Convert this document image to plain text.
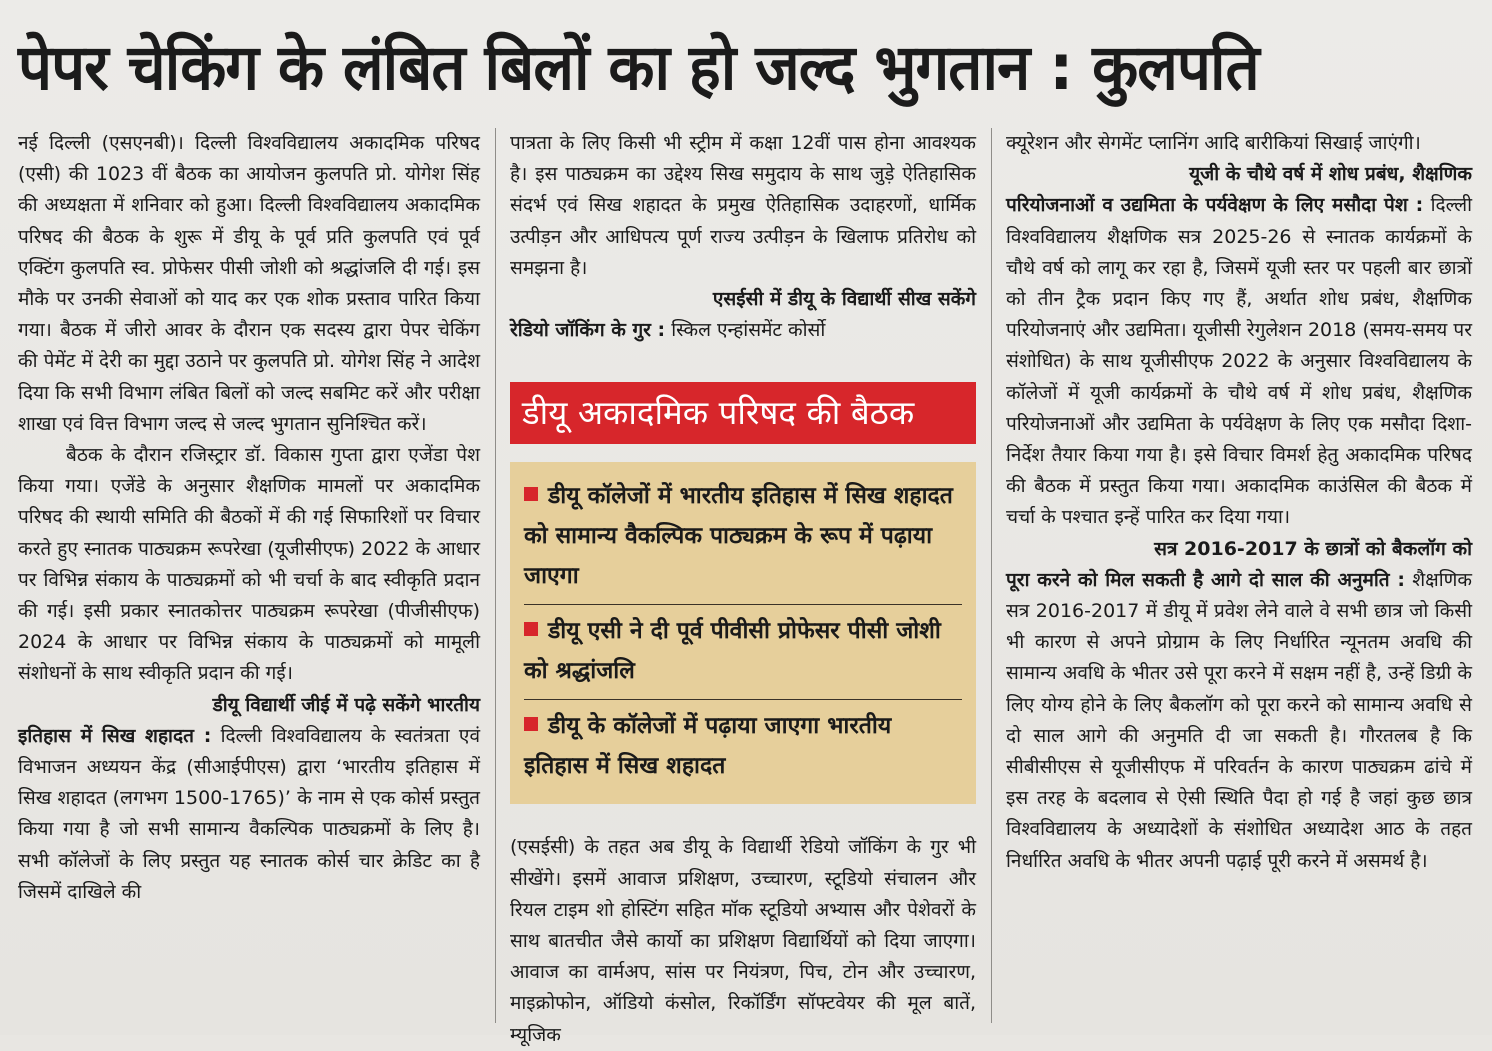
पेपर चेकिंग के लंबित बिलों का हो जल्द भुगतान : कुलपति

नई दिल्ली (एसएनबी)। दिल्ली विश्वविद्यालय अकादमिक परिषद (एसी) की 1023 वीं बैठक का आयोजन कुलपति प्रो. योगेश सिंह की अध्यक्षता में शनिवार को हुआ। दिल्ली विश्वविद्यालय अकादमिक परिषद की बैठक के शुरू में डीयू के पूर्व प्रति कुलपति एवं पूर्व एक्टिंग कुलपति स्व. प्रोफेसर पीसी जोशी को श्रद्धांजलि दी गई। इस मौके पर उनकी सेवाओं को याद कर एक शोक प्रस्ताव पारित किया गया। बैठक में जीरो आवर के दौरान एक सदस्य द्वारा पेपर चेकिंग की पेमेंट में देरी का मुद्दा उठाने पर कुलपति प्रो. योगेश सिंह ने आदेश दिया कि सभी विभाग लंबित बिलों को जल्द सबमिट करें और परीक्षा शाखा एवं वित्त विभाग जल्द से जल्द भुगतान सुनिश्चित करें।

बैठक के दौरान रजिस्ट्रार डॉ. विकास गुप्ता द्वारा एजेंडा पेश किया गया। एजेंडे के अनुसार शैक्षणिक मामलों पर अकादमिक परिषद की स्थायी समिति की बैठकों में की गई सिफारिशों पर विचार करते हुए स्नातक पाठ्यक्रम रूपरेखा (यूजीसीएफ) 2022 के आधार पर विभिन्न संकाय के पाठ्यक्रमों को भी चर्चा के बाद स्वीकृति प्रदान की गई। इसी प्रकार स्नातकोत्तर पाठ्यक्रम रूपरेखा (पीजीसीएफ) 2024 के आधार पर विभिन्न संकाय के पाठ्यक्रमों को मामूली संशोधनों के साथ स्वीकृति प्रदान की गई।

डीयू विद्यार्थी जीई में पढ़े सकेंगे भारतीय
इतिहास में सिख शहादत : दिल्ली विश्वविद्यालय के स्वतंत्रता एवं विभाजन अध्ययन केंद्र (सीआईपीएस) द्वारा ‘भारतीय इतिहास में सिख शहादत (लगभग 1500-1765)’ के नाम से एक कोर्स प्रस्तुत किया गया है जो सभी सामान्य वैकल्पिक पाठ्यक्रमों के लिए है। सभी कॉलेजों के लिए प्रस्तुत यह स्नातक कोर्स चार क्रेडिट का है जिसमें दाखिले की

पात्रता के लिए किसी भी स्ट्रीम में कक्षा 12वीं पास होना आवश्यक है। इस पाठ्यक्रम का उद्देश्य सिख समुदाय के साथ जुड़े ऐतिहासिक संदर्भ एवं सिख शहादत के प्रमुख ऐतिहासिक उदाहरणों, धार्मिक उत्पीड़न और आधिपत्य पूर्ण राज्य उत्पीड़न के खिलाफ प्रतिरोध को समझना है।

एसईसी में डीयू के विद्यार्थी सीख सकेंगे
रेडियो जॉकिंग के गुर : स्किल एन्हांसमेंट कोर्सो

डीयू अकादमिक परिषद की बैठक
डीयू कॉलेजों में भारतीय इतिहास में सिख शहादत को सामान्य वैकल्पिक पाठ्यक्रम के रूप में पढ़ाया जाएगा
डीयू एसी ने दी पूर्व पीवीसी प्रोफेसर पीसी जोशी को श्रद्धांजलि
डीयू के कॉलेजों में पढ़ाया जाएगा भारतीय इतिहास में सिख शहादत

(एसईसी) के तहत अब डीयू के विद्यार्थी रेडियो जॉकिंग के गुर भी सीखेंगे। इसमें आवाज प्रशिक्षण, उच्चारण, स्टूडियो संचालन और रियल टाइम शो होस्टिंग सहित मॉक स्टूडियो अभ्यास और पेशेवरों के साथ बातचीत जैसे कार्यो का प्रशिक्षण विद्यार्थियों को दिया जाएगा। आवाज का वार्मअप, सांस पर नियंत्रण, पिच, टोन और उच्चारण, माइक्रोफोन, ऑडियो कंसोल, रिकॉर्डिंग सॉफ्टवेयर की मूल बातें, म्यूजिक

क्यूरेशन और सेगमेंट प्लानिंग आदि बारीकियां सिखाई जाएंगी।

यूजी के चौथे वर्ष में शोध प्रबंध, शैक्षणिक
परियोजनाओं व उद्यमिता के पर्यवेक्षण के लिए मसौदा पेश : दिल्ली विश्वविद्यालय शैक्षणिक सत्र 2025-26 से स्नातक कार्यक्रमों के चौथे वर्ष को लागू कर रहा है, जिसमें यूजी स्तर पर पहली बार छात्रों को तीन ट्रैक प्रदान किए गए हैं, अर्थात शोध प्रबंध, शैक्षणिक परियोजनाएं और उद्यमिता। यूजीसी रेगुलेशन 2018 (समय-समय पर संशोधित) के साथ यूजीसीएफ 2022 के अनुसार विश्वविद्यालय के कॉलेजों में यूजी कार्यक्रमों के चौथे वर्ष में शोध प्रबंध, शैक्षणिक परियोजनाओं और उद्यमिता के पर्यवेक्षण के लिए एक मसौदा दिशा-निर्देश तैयार किया गया है। इसे विचार विमर्श हेतु अकादमिक परिषद की बैठक में प्रस्तुत किया गया। अकादमिक काउंसिल की बैठक में चर्चा के पश्चात इन्हें पारित कर दिया गया।

सत्र 2016-2017 के छात्रों को बैकलॉग को
पूरा करने को मिल सकती है आगे दो साल की अनुमति : शैक्षणिक सत्र 2016-2017 में डीयू में प्रवेश लेने वाले वे सभी छात्र जो किसी भी कारण से अपने प्रोग्राम के लिए निर्धारित न्यूनतम अवधि की सामान्य अवधि के भीतर उसे पूरा करने में सक्षम नहीं है, उन्हें डिग्री के लिए योग्य होने के लिए बैकलॉग को पूरा करने को सामान्य अवधि से दो साल आगे की अनुमति दी जा सकती है। गौरतलब है कि सीबीसीएस से यूजीसीएफ में परिवर्तन के कारण पाठ्यक्रम ढांचे में इस तरह के बदलाव से ऐसी स्थिति पैदा हो गई है जहां कुछ छात्र विश्वविद्यालय के अध्यादेशों के संशोधित अध्यादेश आठ के तहत निर्धारित अवधि के भीतर अपनी पढ़ाई पूरी करने में असमर्थ है।
